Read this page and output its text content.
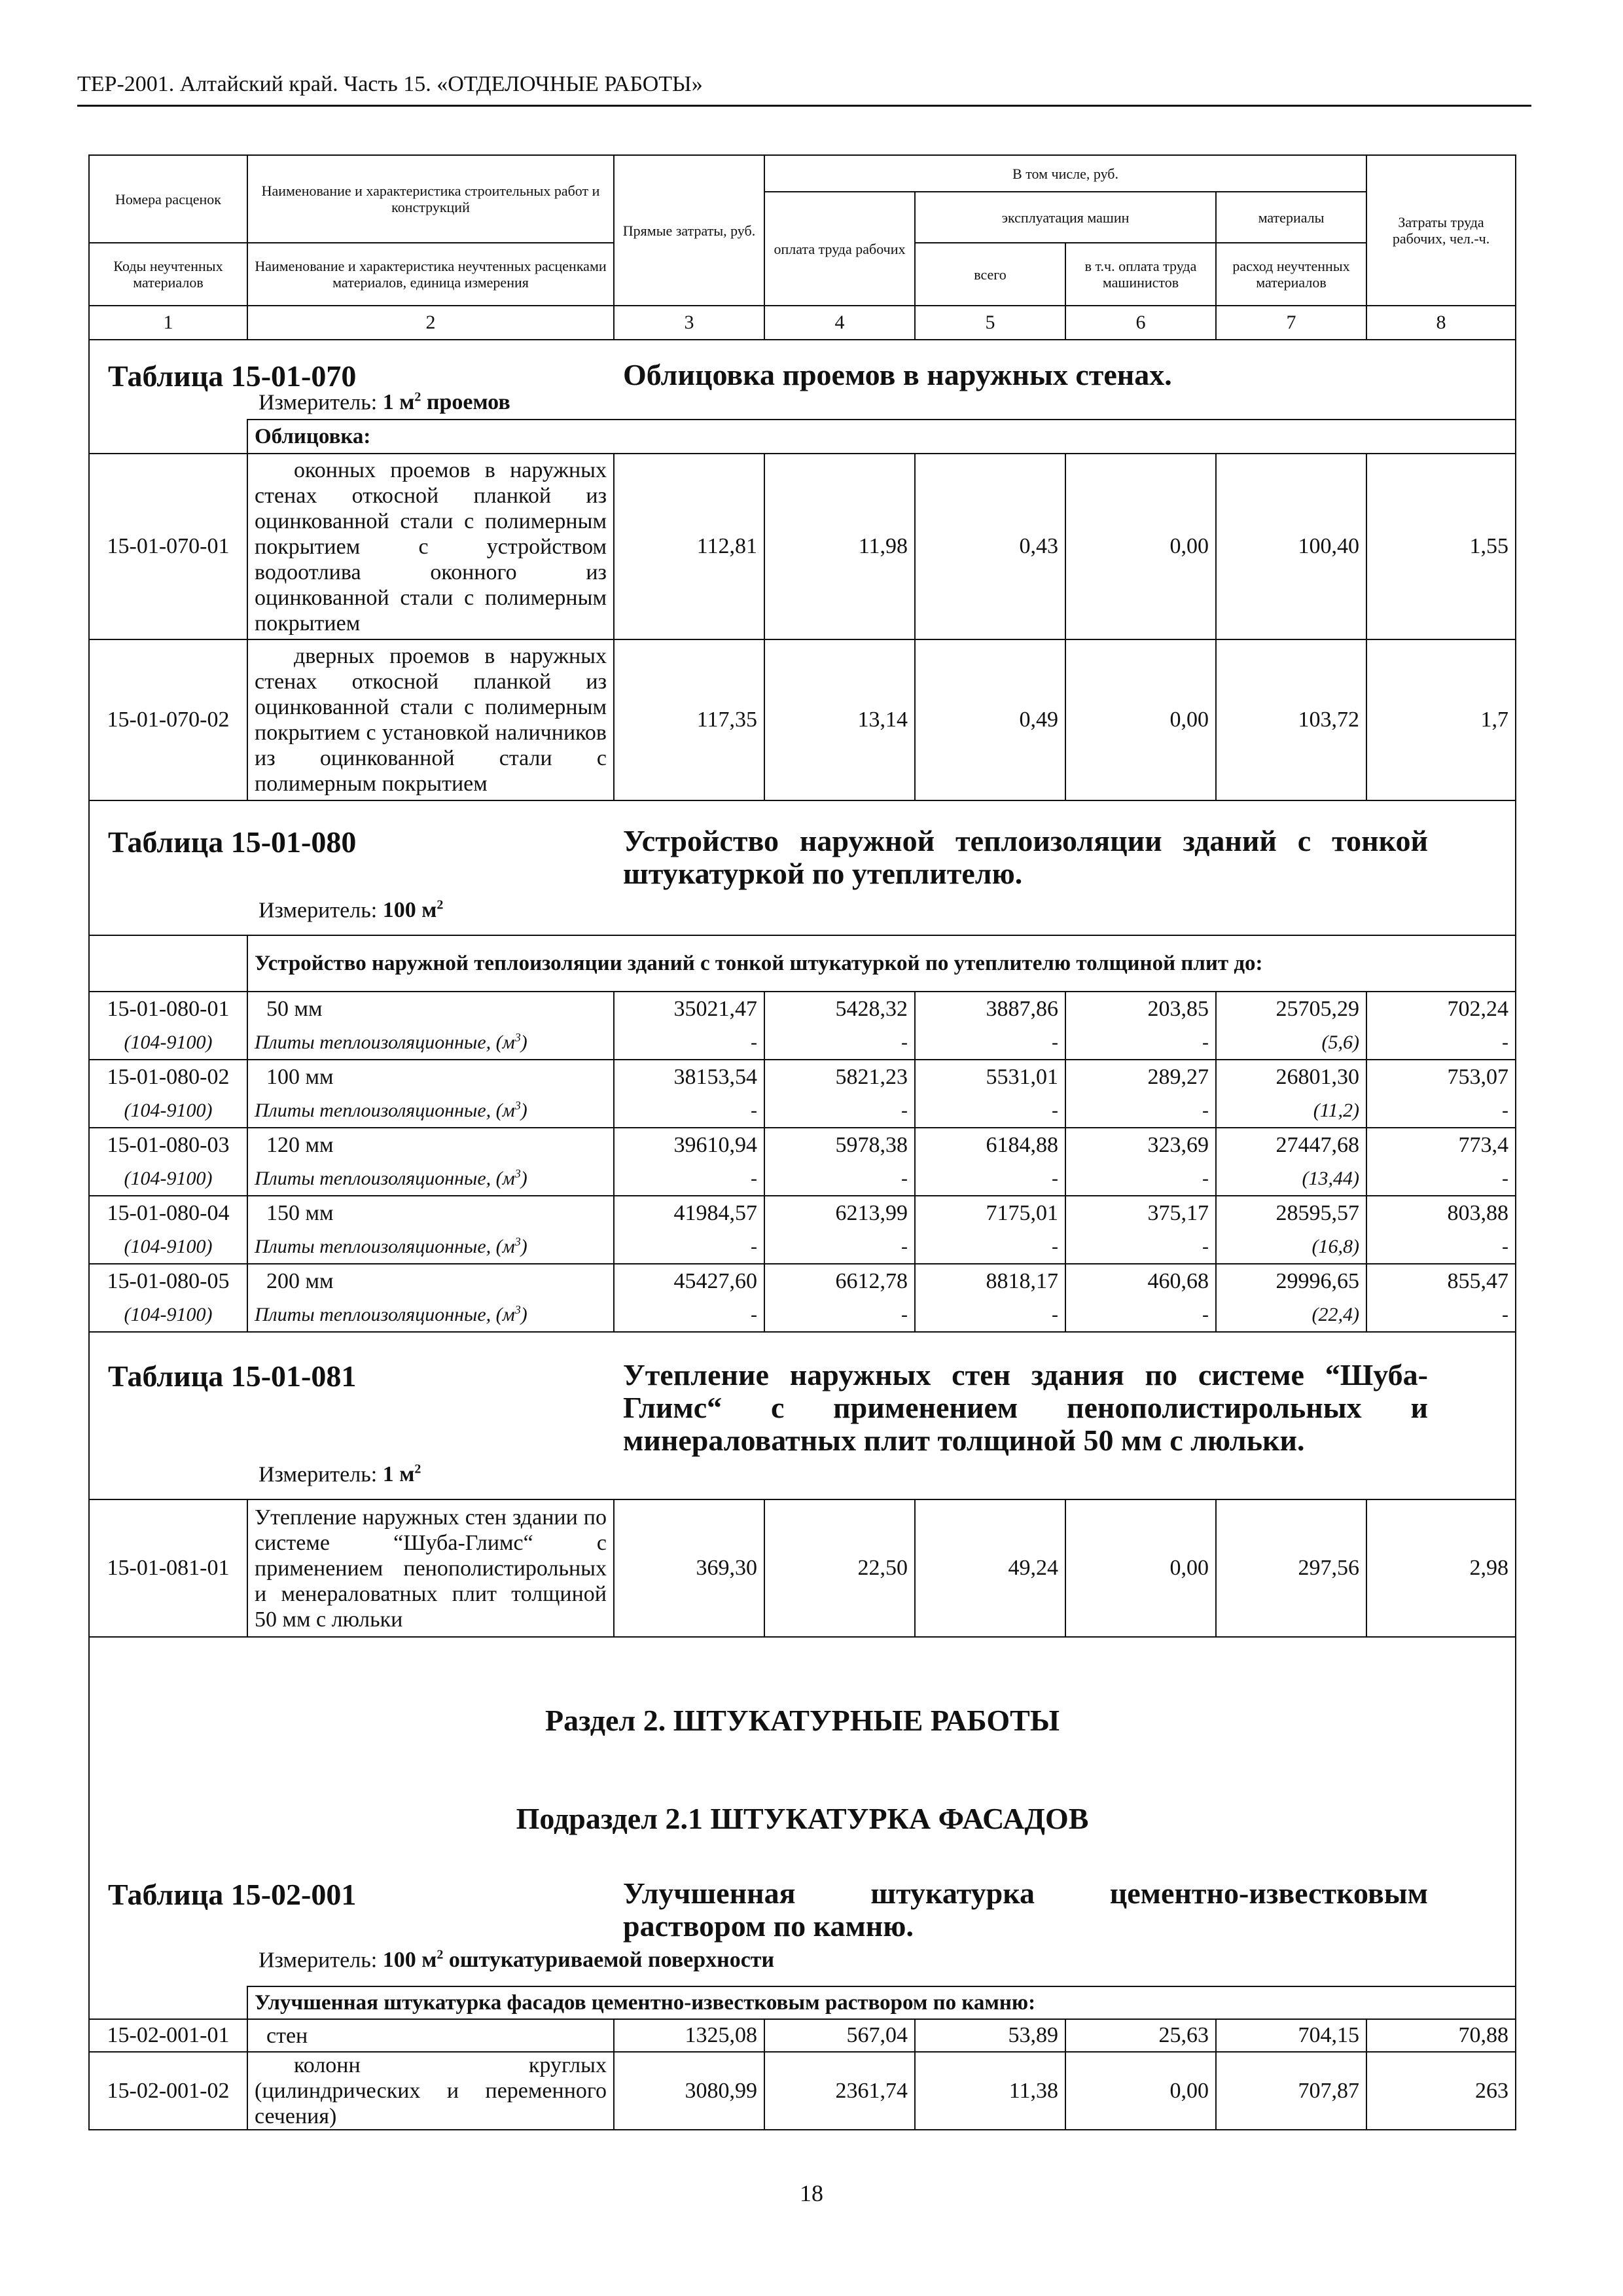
ТЕР-2001. Алтайский край. Часть 15. «ОТДЕЛОЧНЫЕ РАБОТЫ»
Номера расценок	Наименование и характеристика строительных работ и конструкций	Прямые затраты, руб.	В том числе, руб.				Затраты труда рабочих, чел.-ч.
			оплата труда рабочих	эксплуатация машин		материалы	
Коды неучтенных материалов	Наименование и характеристика неучтенных расценками материалов, единица измерения			всего	в т.ч. оплата труда машинистов	расход неучтенных материалов	
1	2	3	4	5	6	7	8

Таблица 15-01-070 Облицовка проемов в наружных стенах.
Измеритель: 1 $м^2$ проемов							

	Облицовка:						
15-01-070-01	оконных проемов в наружных стенах откосной планкой из оцинкованной стали с полимерным покрытием с устройством водоотлива оконного из оцинкованной стали с полимерным покрытием	112,81	11,98	0,43	0,00	100,40	1,55
15-01-070-02	дверных проемов в наружных стенах откосной планкой из оцинкованной стали с полимерным покрытием с установкой наличников из оцинкованной стали с полимерным покрытием	117,35	13,14	0,49	0,00	103,72	1,7

Таблица 15-01-080 Устройство наружной теплоизоляции зданий с тонкой штукатуркой по утеплителю.
Измеритель: 100 $м^2$

	Устройство наружной теплоизоляции зданий с тонкой штукатуркой по утеплителю толщиной плит до:						
15-01-080-01	50 мм	35021,47	5428,32	3887,86	203,85	25705,29	702,24
(104-9100)	Плиты теплоизоляционные, $(м^3)$	-	-	-	-	(5,6)	-
15-01-080-02	100 мм	38153,54	5821,23	5531,01	289,27	26801,30	753,07
(104-9100)	Плиты теплоизоляционные, $(м^3)$	-	-	-	-	(11,2)	-
15-01-080-03	120 мм	39610,94	5978,38	6184,88	323,69	27447,68	773,4
(104-9100)	Плиты теплоизоляционные, $(м^3)$	-	-	-	-	(13,44)	-
15-01-080-04	150 мм	41984,57	6213,99	7175,01	375,17	28595,57	803,88
(104-9100)	Плиты теплоизоляционные, $(м^3)$	-	-	-	-	(16,8)	-
15-01-080-05	200 мм	45427,60	6612,78	8818,17	460,68	29996,65	855,47
(104-9100)	Плиты теплоизоляционные, $(м^3)$	-	-	-	-	(22,4)	-

Таблица 15-01-081 Утепление наружных стен здания по системе “Шуба-Глимс“ с применением пенополистирольных и минераловатных плит толщиной 50 мм с люльки.
Измеритель: 1 $м^2$

15-01-081-01	Утепление наружных стен здании по системе “Шуба-Глимс“ с применением пенополистирольных и менераловатных плит толщиной 50 мм с люльки	369,30	22,50	49,24	0,00	297,56	2,98

Раздел 2. ШТУКАТУРНЫЕ РАБОТЫ
Подраздел 2.1 ШТУКАТУРКА ФАСАДОВ
Таблица 15-02-001 Улучшенная штукатурка цементно-известковым раствором по камню.
Измеритель: 100 $м^2$ оштукатуриваемой поверхности							

	Улучшенная штукатурка фасадов цементно-известковым раствором по камню:						
15-02-001-01	стен	1325,08	567,04	53,89	25,63	704,15	70,88
15-02-001-02	колонн круглых (цилиндрических и переменного сечения)	3080,99	2361,74	11,38	0,00	707,87	263
18
